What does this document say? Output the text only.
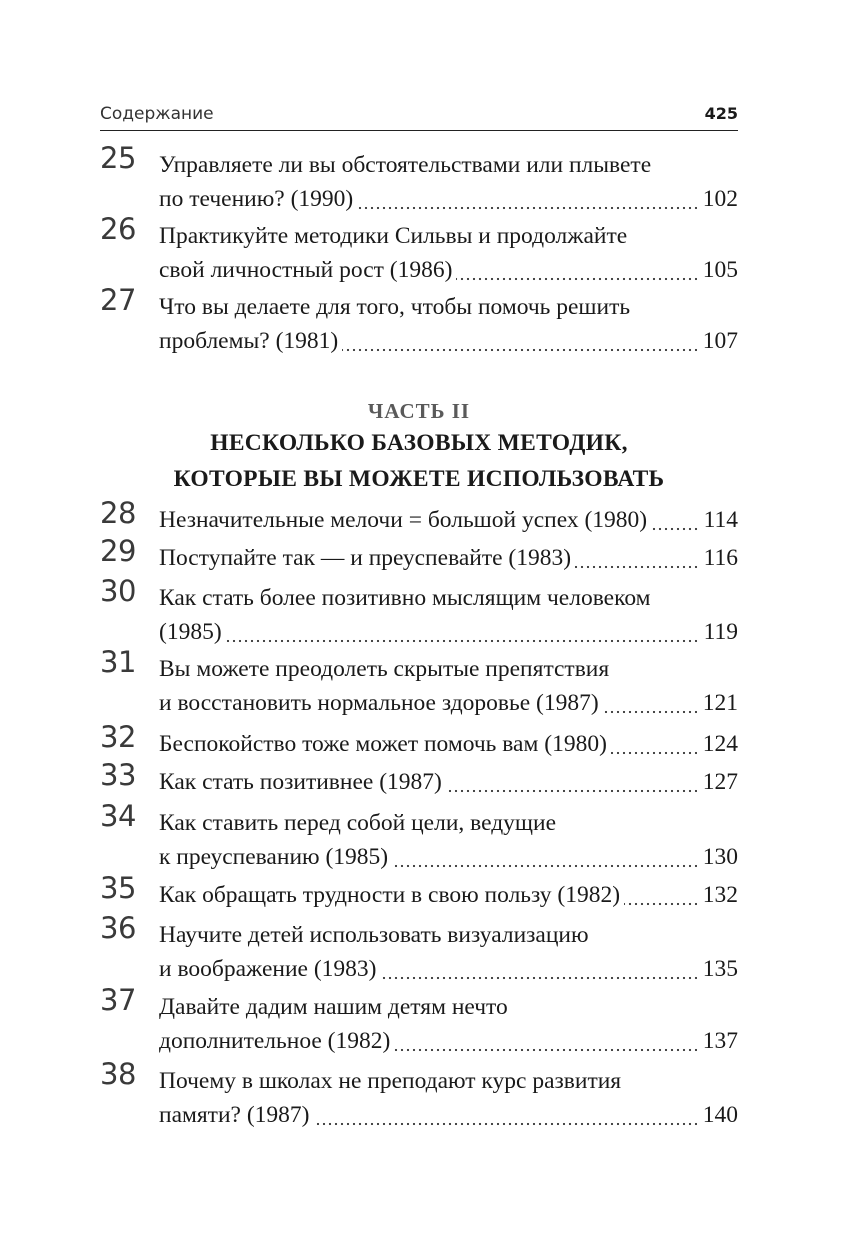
Содержание	425
25 Управляете ли вы обстоятельствами или плывете
по течению? (1990)	102
26 Практикуйте методики Сильвы и продолжайте
свой личностный рост (1986)	105
27 Что вы делаете для того, чтобы помочь решить
проблемы? (1981)	107
ЧАСТЬ II
НЕСКОЛЬКО БАЗОВЫХ МЕТОДИК,
КОТОРЫЕ ВЫ МОЖЕТЕ ИСПОЛЬЗОВАТЬ
28 Незначительные мелочи = большой успех (1980) 114
29 Поступайте так — и преуспевайте (1983)	116
30 Как стать более позитивно мыслящим человеком
(1985)	119
31 Вы можете преодолеть скрытые препятствия
и восстановить нормальное здоровье (1987)	121
32 Беспокойство тоже может помочь вам (1980)	124
33 Как стать позитивнее (1987)	127
34 Как ставить перед собой цели, ведущие
к преуспеванию (1985)	130
35 Как обращать трудности в свою пользу (1982)	132
36 Научите детей использовать визуализацию
и воображение (1983)	135
37 Давайте дадим нашим детям нечто
дополнительное (1982)	137
38 Почему в школах не преподают курс развития
памяти? (1987)	140
